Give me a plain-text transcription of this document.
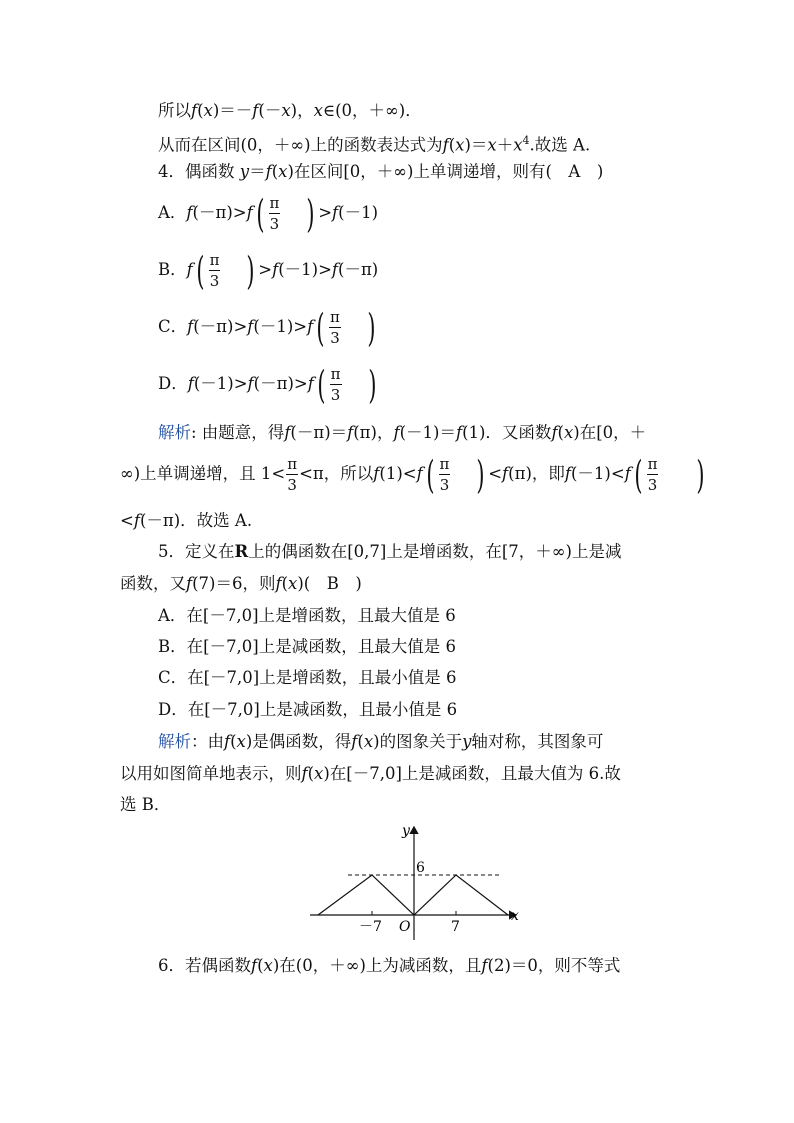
所以f(x)＝－f(－x)，x∈(0，＋∞)．
从而在区间(0，＋∞)上的函数表达式为$f(x)=x+x^4$.故选 A.
4．偶函数 y＝f(x)在区间[0，＋∞)上单调递增，则有(　A　)
A．$f(-\pi)>f( \frac{\pi}{3}$ ) >f(－1)
B．$f( \frac{\pi}{3}$ ) >f(－1)>f(－π)
C．$f(-\pi)>f(-1)>f( \frac{\pi}{3}$ )
D．$f(-1)>f(-\pi)>f( \frac{\pi}{3}$ )
解析: 由题意，得f(－π)＝f(π)，f(－1)＝f(1)．又函数f(x)在[0，＋
∞)上单调递增，且 $1< \frac{\pi}{3} <\pi$，所以$f(1)<f( \frac{\pi}{3}$ ) <f(π)，即$f(-1)<f( \frac{\pi}{3}$ )
<f(－π)．故选 A.
5．定义在R上的偶函数在[0,7]上是增函数，在[7，＋∞)上是减
函数，又f(7)＝6，则f(x)(　B　)
A．在[－7,0]上是增函数，且最大值是 6
B．在[－7,0]上是减函数，且最大值是 6
C．在[－7,0]上是增函数，且最小值是 6
D．在[－7,0]上是减函数，且最小值是 6
解析：由f(x)是偶函数，得f(x)的图象关于y轴对称，其图象可
以用如图简单地表示，则f(x)在[－7,0]上是减函数，且最大值为 6.故
选 B．
y
x
O
6
－7	7
6．若偶函数f(x)在(0，＋∞)上为减函数，且f(2)＝0，则不等式
